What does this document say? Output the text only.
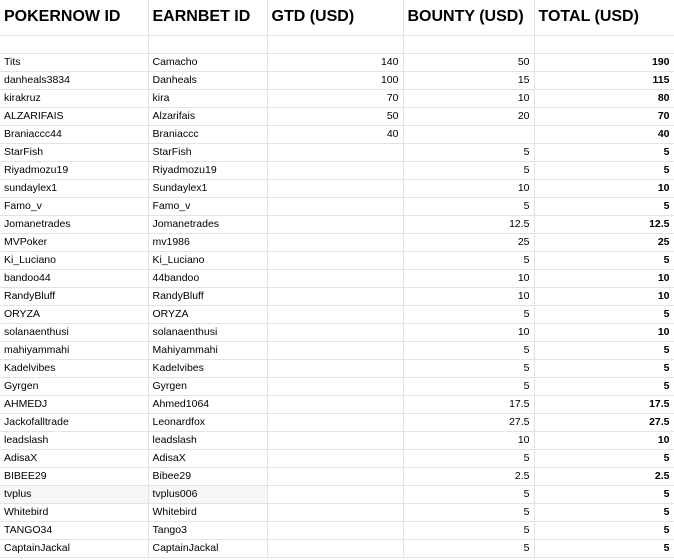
POKERNOW ID	EARNBET ID	GTD (USD)	BOUNTY (USD)	TOTAL (USD)

Tits	Camacho	140	50	190
danheals3834	Danheals	100	15	115
kirakruz	kira	70	10	80
ALZARIFAIS	Alzarifais	50	20	70
Braniaccc44	Braniaccc	40		40
StarFish	StarFish		5	5
Riyadmozu19	Riyadmozu19		5	5
sundaylex1	Sundaylex1		10	10
Famo_v	Famo_v		5	5
Jomanetrades	Jomanetrades		12.5	12.5
MVPoker	mv1986		25	25
Ki_Luciano	Ki_Luciano		5	5
bandoo44	44bandoo		10	10
RandyBluff	RandyBluff		10	10
ORYZA	ORYZA		5	5
solanaenthusi	solanaenthusi		10	10
mahiyammahi	Mahiyammahi		5	5
Kadelvibes	Kadelvibes		5	5
Gyrgen	Gyrgen		5	5
AHMEDJ	Ahmed1064		17.5	17.5
Jackofalltrade	Leonardfox		27.5	27.5
leadslash	leadslash		10	10
AdisaX	AdisaX		5	5
BIBEE29	Bibee29		2.5	2.5
tvplus	tvplus006		5	5
Whitebird	Whitebird		5	5
TANGO34	Tango3		5	5
CaptainJackal	CaptainJackal		5	5
